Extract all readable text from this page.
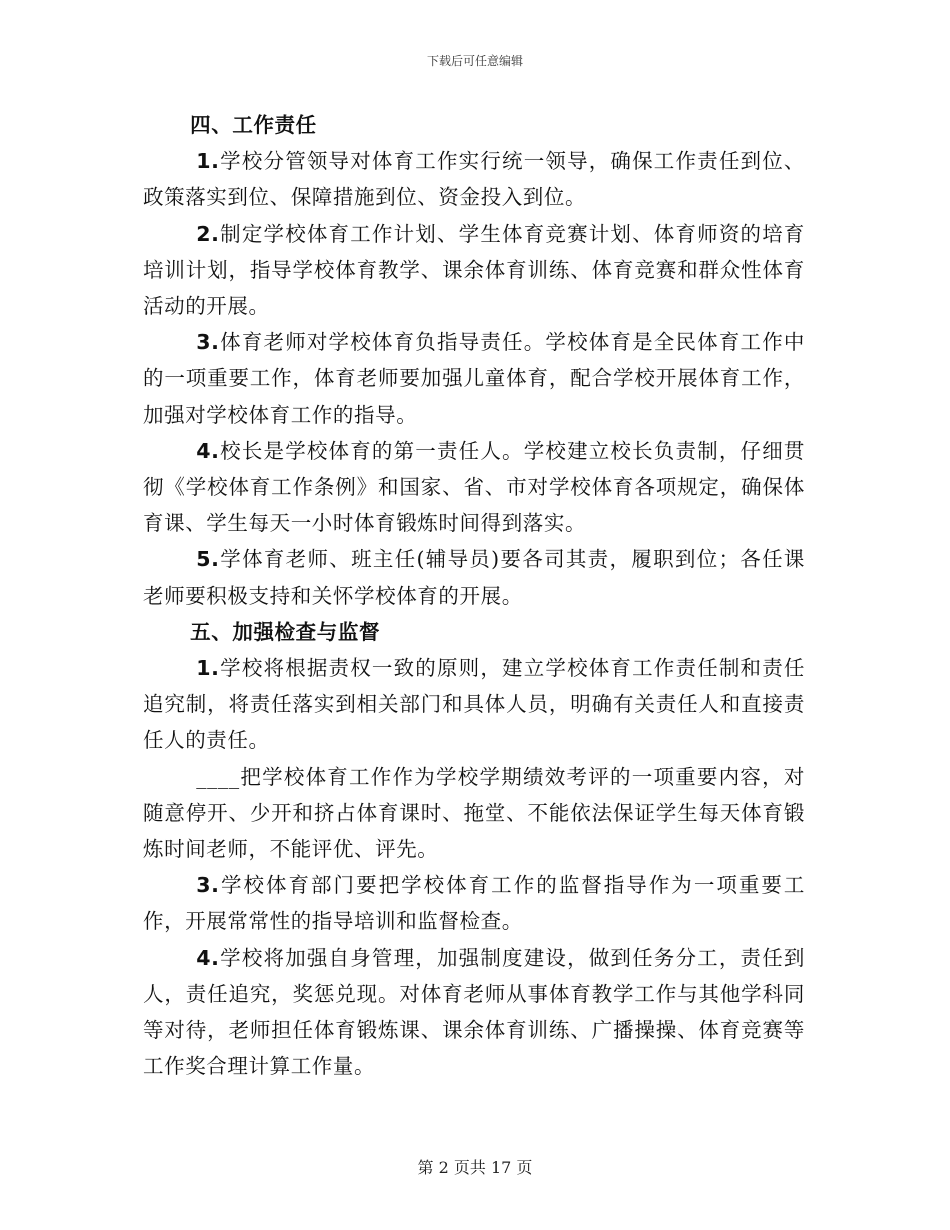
下载后可任意编辑
四、工作责任

1.学校分管领导对体育工作实行统一领导，确保工作责任到位、政策落实到位、保障措施到位、资金投入到位。

2.制定学校体育工作计划、学生体育竞赛计划、体育师资的培育培训计划，指导学校体育教学、课余体育训练、体育竞赛和群众性体育活动的开展。

3.体育老师对学校体育负指导责任。学校体育是全民体育工作中的一项重要工作，体育老师要加强儿童体育，配合学校开展体育工作，加强对学校体育工作的指导。

4.校长是学校体育的第一责任人。学校建立校长负责制，仔细贯彻《学校体育工作条例》和国家、省、市对学校体育各项规定，确保体育课、学生每天一小时体育锻炼时间得到落实。

5.学体育老师、班主任(辅导员)要各司其责，履职到位；各任课老师要积极支持和关怀学校体育的开展。

五、加强检查与监督

1.学校将根据责权一致的原则，建立学校体育工作责任制和责任追究制，将责任落实到相关部门和具体人员，明确有关责任人和直接责任人的责任。

____把学校体育工作作为学校学期绩效考评的一项重要内容，对随意停开、少开和挤占体育课时、拖堂、不能依法保证学生每天体育锻炼时间老师，不能评优、评先。

3.学校体育部门要把学校体育工作的监督指导作为一项重要工作，开展常常性的指导培训和监督检查。

4.学校将加强自身管理，加强制度建设，做到任务分工，责任到人，责任追究，奖惩兑现。对体育老师从事体育教学工作与其他学科同等对待，老师担任体育锻炼课、课余体育训练、广播操操、体育竞赛等工作奖合理计算工作量。

第 2 页共 17 页
